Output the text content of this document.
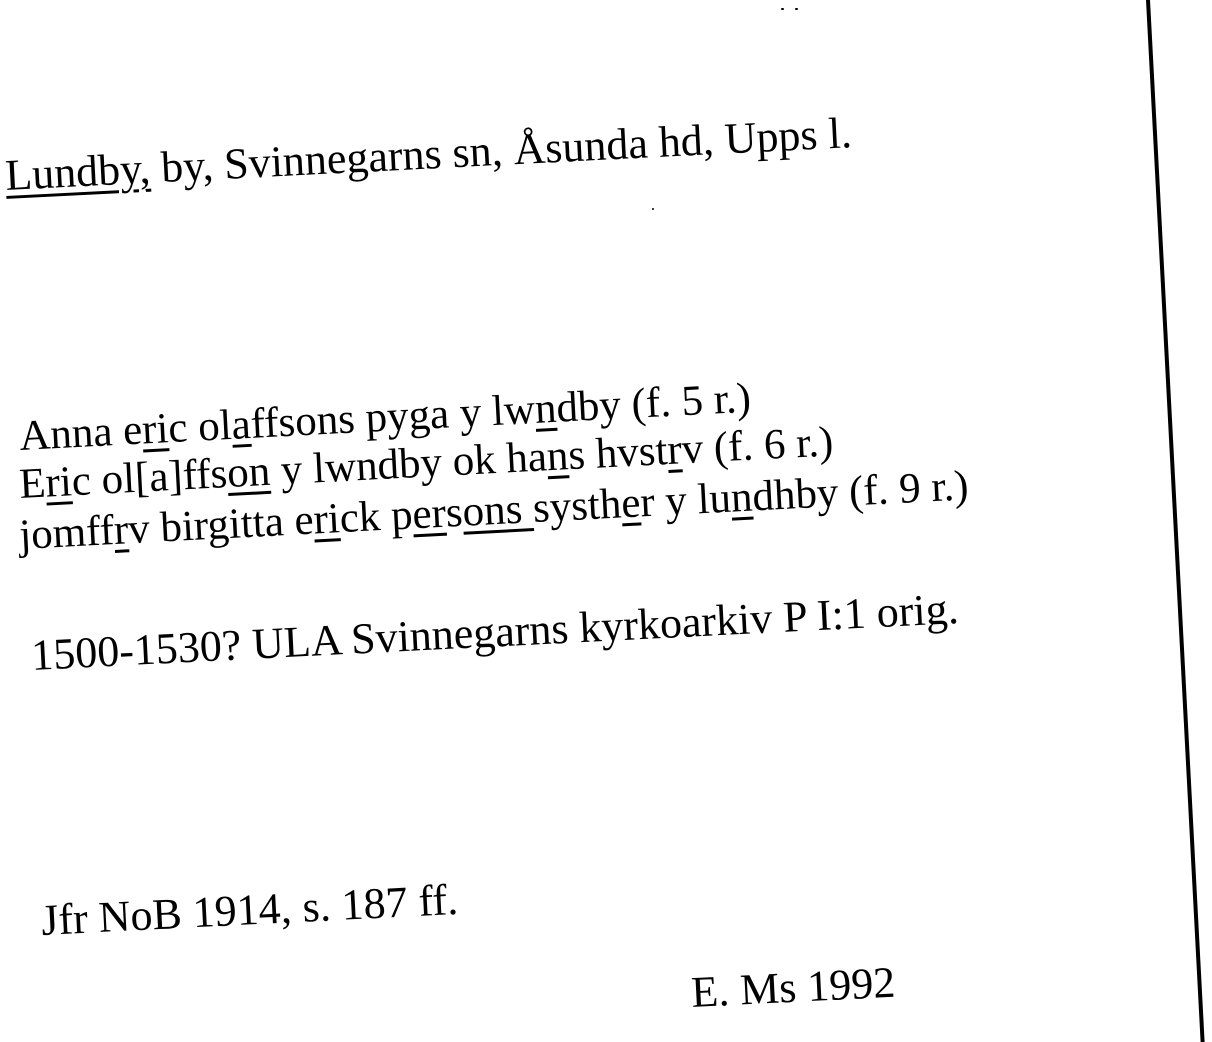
Lundby, by, Svinnegarns sn, Åsunda hd, Upps l.

Anna eric olaffsons pyga y lwndby (f. 5 r.)

Eric ol[a]ffson y lwndby ok hans hvstrv (f. 6 r.)

jomffrv birgitta erick persons systher y lundhby (f. 9 r.)

1500-1530? ULA Svinnegarns kyrkoarkiv P I:1 orig.

Jfr NoB 1914, s. 187 ff.

E. Ms 1992
